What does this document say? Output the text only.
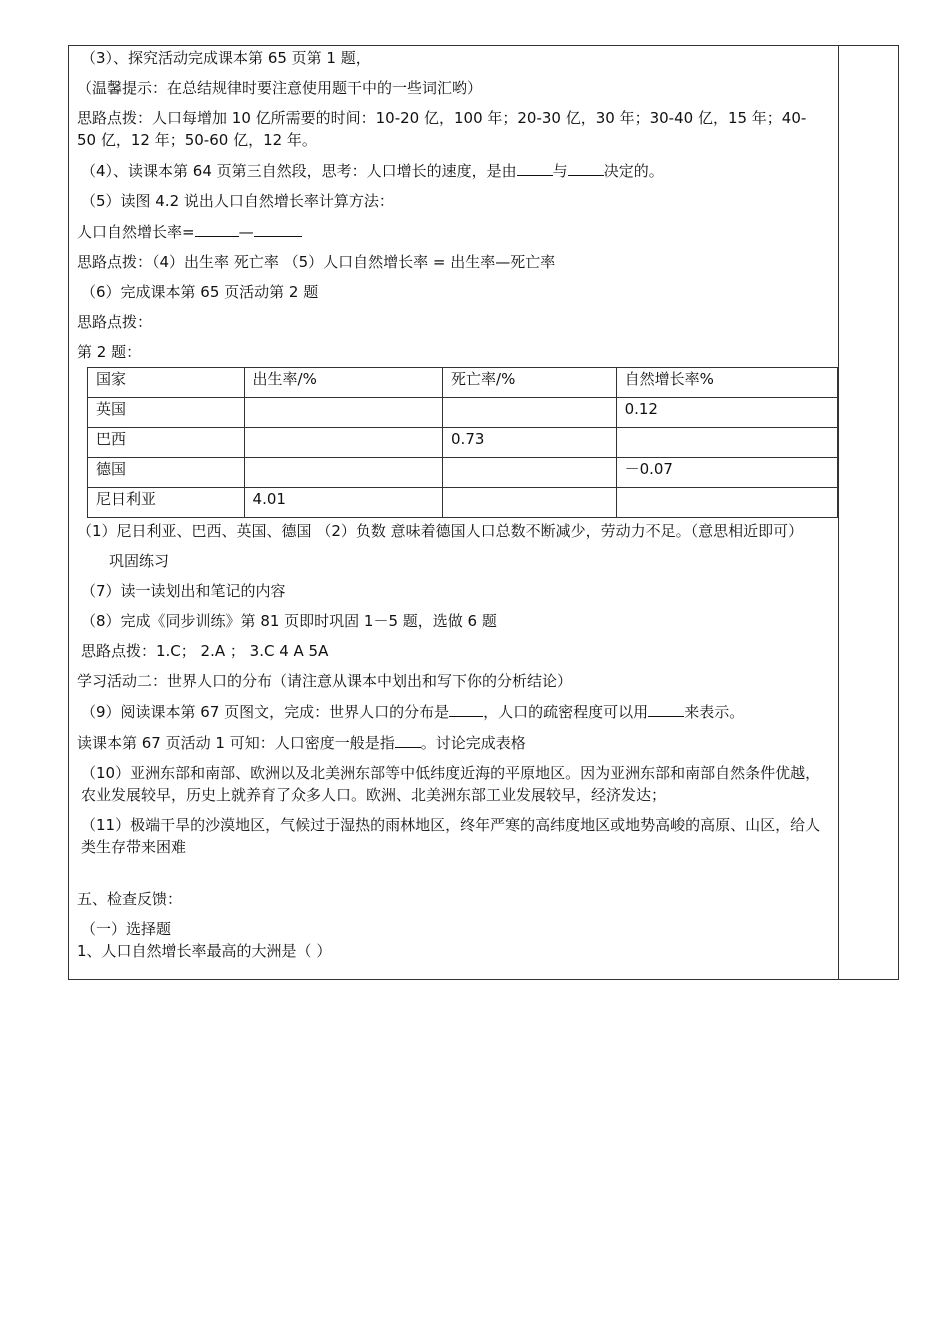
（3）、探究活动完成课本第 65 页第 1 题，
（温馨提示：在总结规律时要注意使用题干中的一些词汇哟）
思路点拨：人口每增加 10 亿所需要的时间：10-20 亿，100 年；20-30 亿，30 年；30-40 亿，15 年；40-
50 亿，12 年；50-60 亿，12 年。
（4）、读课本第 64 页第三自然段，思考：人口增长的速度，是由 与 决定的。
（5）读图 4.2 说出人口自然增长率计算方法：
人口自然增长率=	—
思路点拨：（4）出生率 死亡率 （5）人口自然增长率 = 出生率—死亡率
（6）完成课本第 65 页活动第 2 题
思路点拨：
第 2 题：
国家	出生率/%	死亡率/%	自然增长率%
英国			0.12
巴西		0.73	
德国			－0.07
尼日利亚	4.01		
（1）尼日利亚、巴西、英国、德国 （2）负数 意味着德国人口总数不断减少，劳动力不足。（意思相近即可）
巩固练习
（7）读一读划出和笔记的内容
（8）完成《同步训练》第 81 页即时巩固 1－5 题，选做 6 题
思路点拨：1.C； 2.A ； 3.C 4 A 5A
学习活动二：世界人口的分布（请注意从课本中划出和写下你的分析结论）
（9）阅读课本第 67 页图文，完成：世界人口的分布是 ，人口的疏密程度可以用 来表示。
读课本第 67 页活动 1 可知：人口密度一般是指 。讨论完成表格
（10）亚洲东部和南部、欧洲以及北美洲东部等中低纬度近海的平原地区。因为亚洲东部和南部自然条件优越，农业发展较早，历史上就养育了众多人口。欧洲、北美洲东部工业发展较早，经济发达；
（11）极端干旱的沙漠地区，气候过于湿热的雨林地区，终年严寒的高纬度地区或地势高峻的高原、山区，给人类生存带来困难
五、检查反馈：
（一）选择题
1、人口自然增长率最高的大洲是（ ）
